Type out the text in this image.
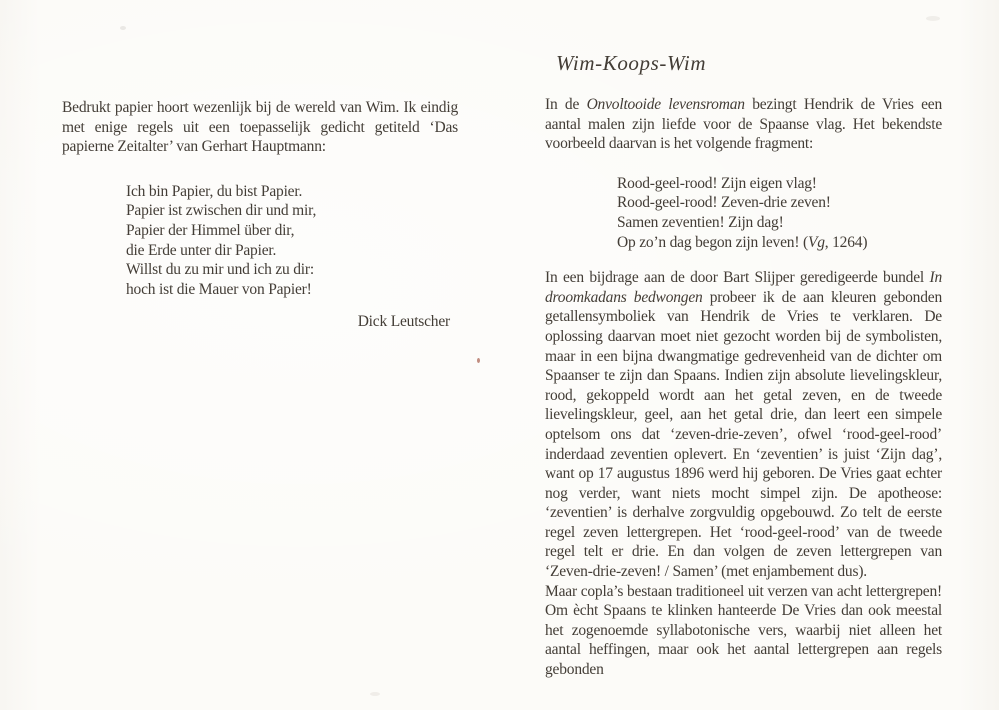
Bedrukt papier hoort wezenlijk bij de wereld van Wim. Ik eindig met enige regels uit een toepasselijk gedicht getiteld ‘Das papierne Zeitalter’ van Gerhart Hauptmann:

Ich bin Papier, du bist Papier.
Papier ist zwischen dir und mir,
Papier der Himmel über dir,
die Erde unter dir Papier.
Willst du zu mir und ich zu dir:
hoch ist die Mauer von Papier!

Dick Leutscher

Wim-Koops-Wim

In de Onvoltooide levensroman bezingt Hendrik de Vries een aantal malen zijn liefde voor de Spaanse vlag. Het bekendste voorbeeld daarvan is het volgende fragment:

Rood-geel-rood! Zijn eigen vlag!
Rood-geel-rood! Zeven-drie zeven!
Samen zeventien! Zijn dag!
Op zo’n dag begon zijn leven! (Vg, 1264)

In een bijdrage aan de door Bart Slijper geredigeerde bundel In droomkadans bedwongen probeer ik de aan kleuren gebonden getallensymboliek van Hendrik de Vries te verklaren. De oplossing daarvan moet niet gezocht worden bij de symbolisten, maar in een bijna dwangmatige gedrevenheid van de dichter om Spaanser te zijn dan Spaans. Indien zijn absolute lievelingskleur, rood, gekoppeld wordt aan het getal zeven, en de tweede lievelingskleur, geel, aan het getal drie, dan leert een simpele optelsom ons dat ‘zeven-drie-zeven’, ofwel ‘rood-geel-rood’ inderdaad zeventien oplevert. En ‘zeventien’ is juist ‘Zijn dag’, want op 17 augustus 1896 werd hij geboren. De Vries gaat echter nog verder, want niets mocht simpel zijn. De apotheose: ‘zeventien’ is derhalve zorgvuldig opgebouwd. Zo telt de eerste regel zeven lettergrepen. Het ‘rood-geel-rood’ van de tweede regel telt er drie. En dan volgen de zeven lettergrepen van ‘Zeven-drie-zeven! / Samen’ (met enjambement dus).

Maar copla’s bestaan traditioneel uit verzen van acht lettergrepen! Om ècht Spaans te klinken hanteerde De Vries dan ook meestal het zogenoemde syllabotonische vers, waarbij niet alleen het aantal heffingen, maar ook het aantal lettergrepen aan regels gebonden
